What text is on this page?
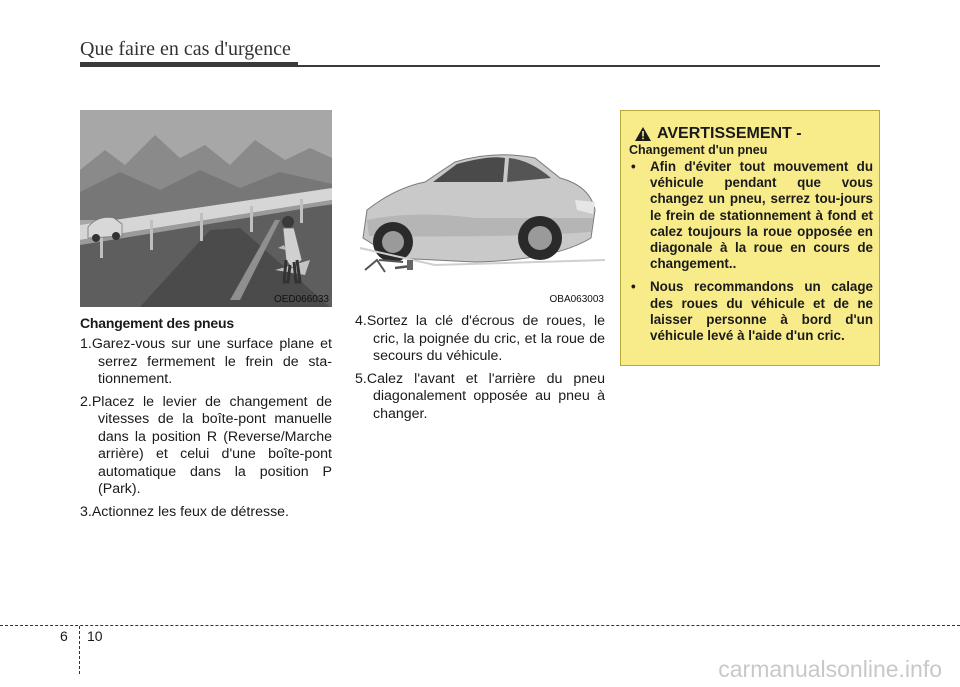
Que faire en cas d'urgence
OED066033	OBA063003
Changement des pneus
1.Garez-vous sur une surface plane et serrez fermement le frein de sta-tionnement.
2.Placez le levier de changement de vitesses de la boîte-pont manuelle dans la position R (Reverse/Marche arrière) et celui d'une boîte-pont automatique dans la position P (Park).
3.Actionnez les feux de détresse.
4.Sortez la clé d'écrous de roues, le cric, la poignée du cric, et la roue de secours du véhicule.
5.Calez l'avant et l'arrière du pneu diagonalement opposée au pneu à changer.
AVERTISSEMENT -
Changement d'un pneu
• Afin d'éviter tout mouvement du véhicule pendant que vous changez un pneu, serrez tou-jours le frein de stationnement à fond et calez toujours la roue opposée en diagonale à la roue en cours de changement..
• Nous recommandons un calage des roues du véhicule et de ne laisser personne à bord d'un véhicule levé à l'aide d'un cric.
6 10
carmanualsonline.info
